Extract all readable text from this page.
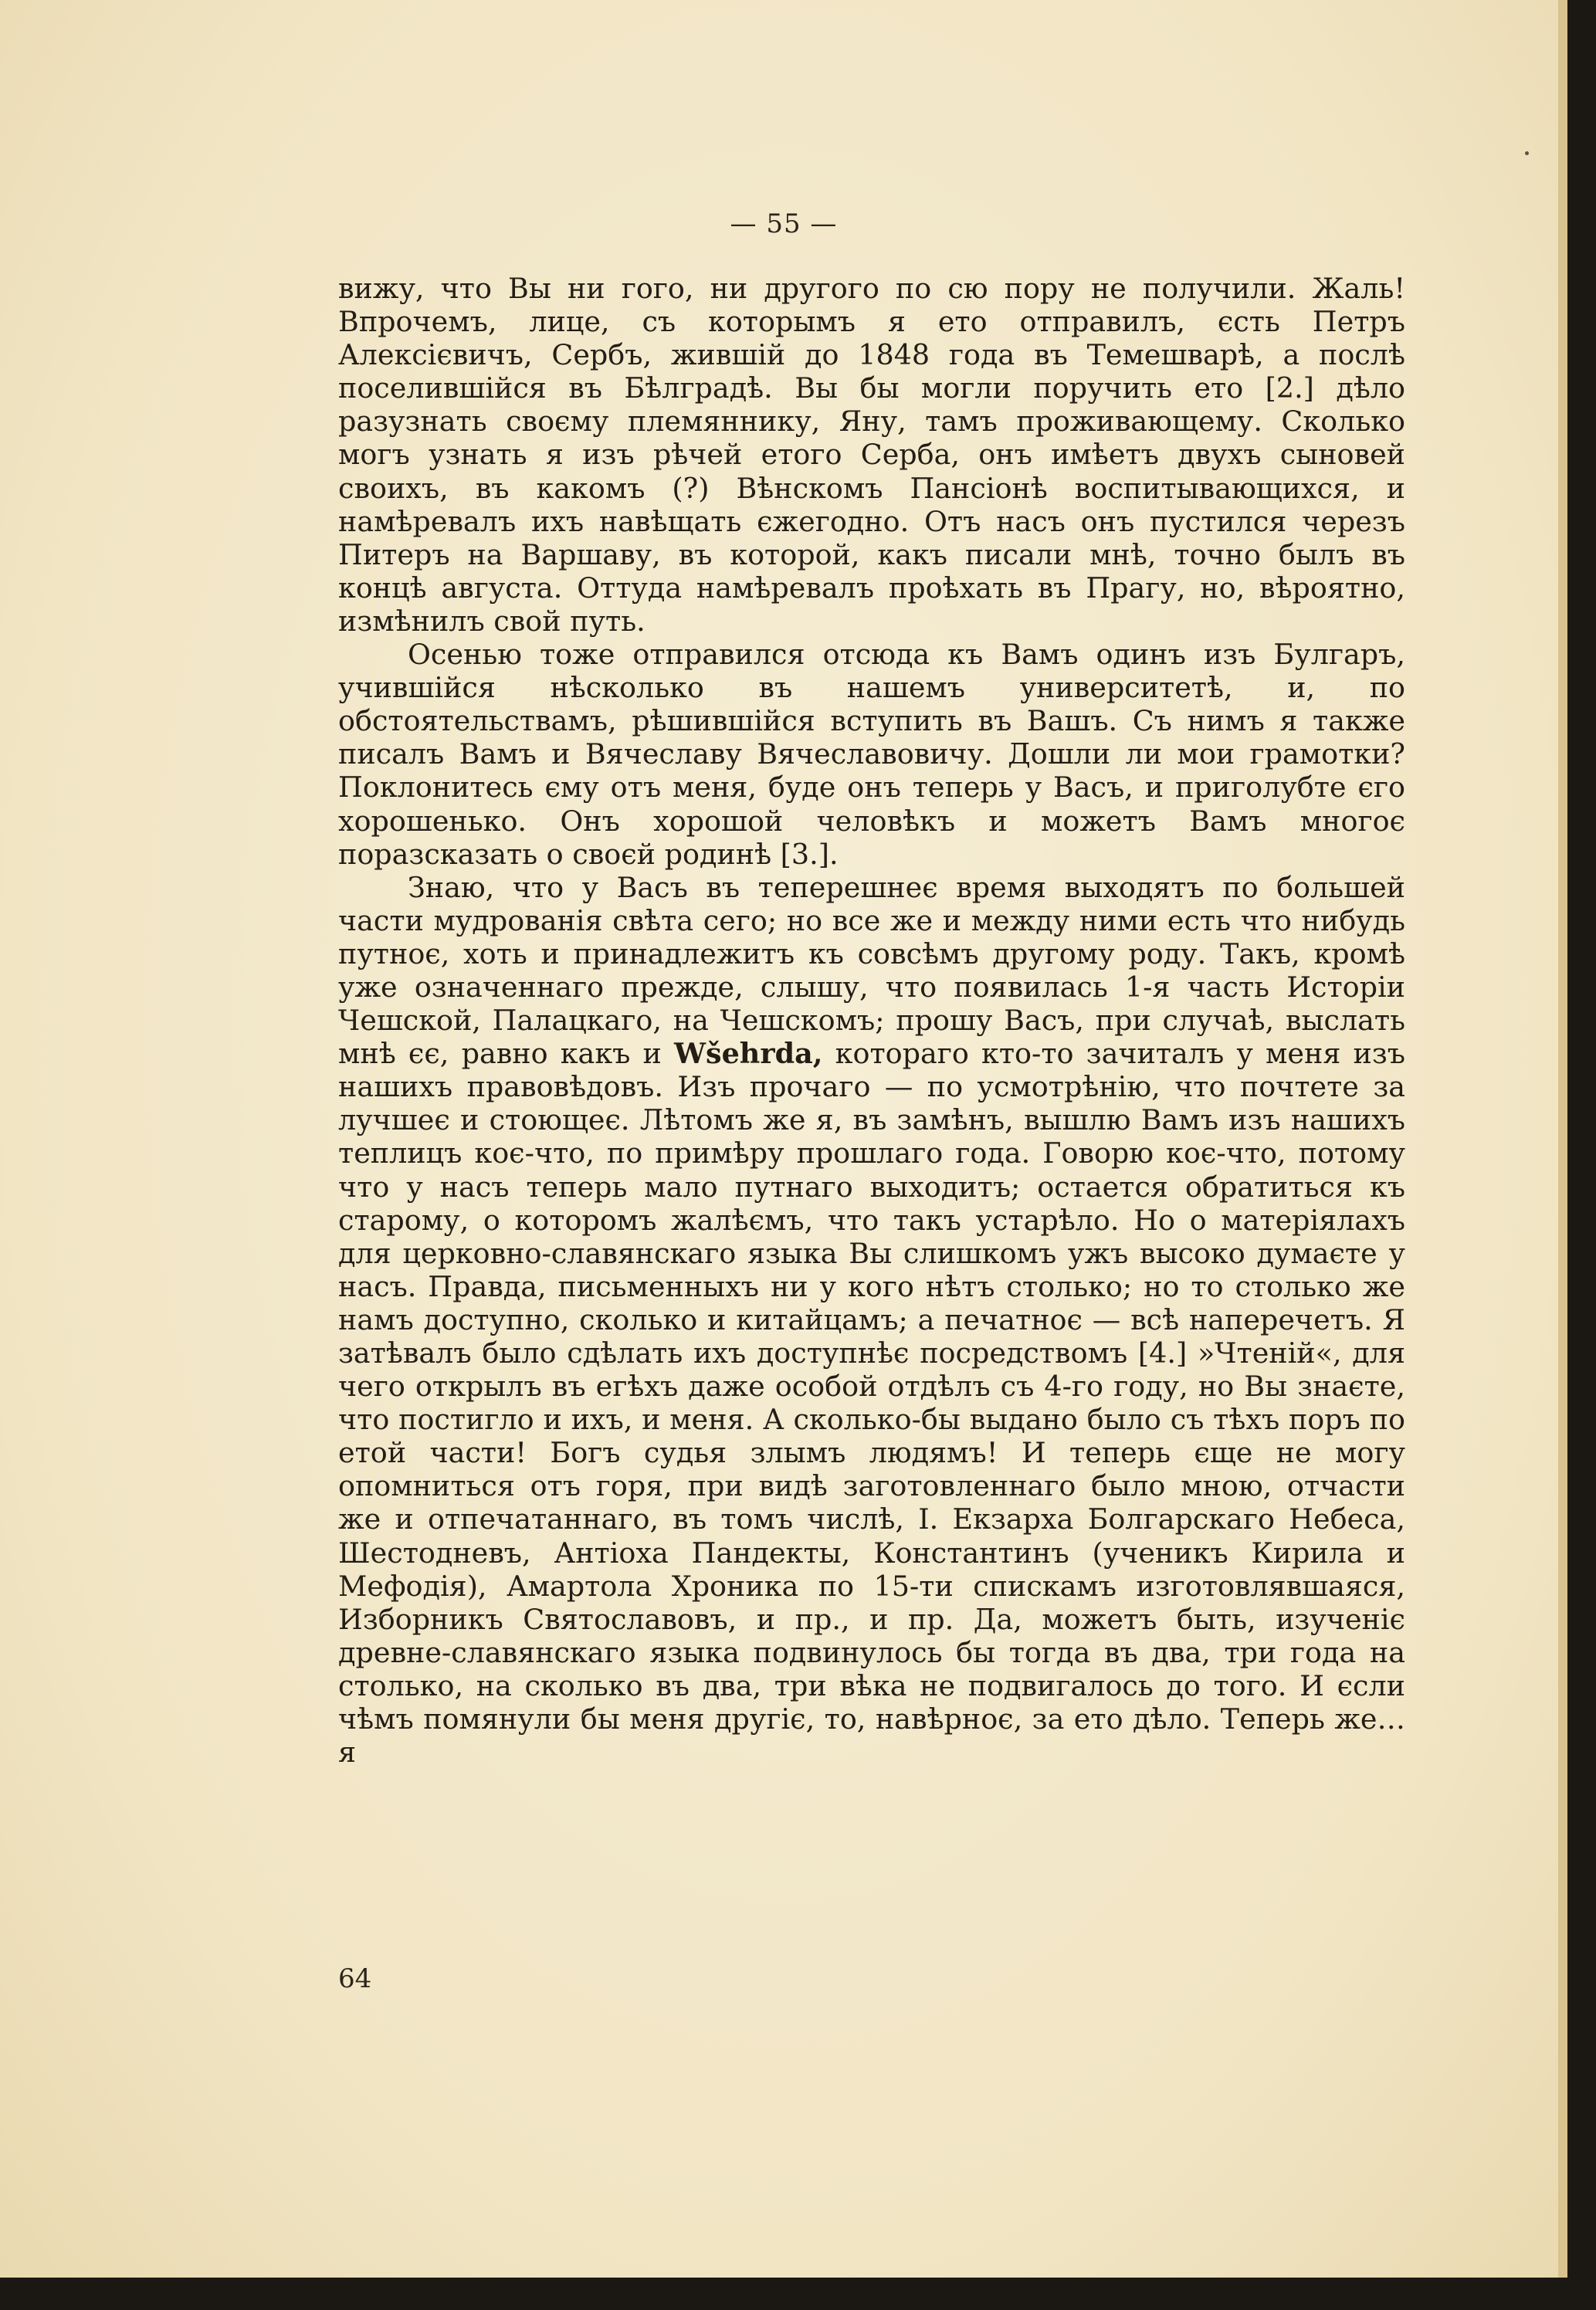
— 55 —

вижу, что Вы ни гого, ни другого по сю пору не получили. Жаль! Впрочемъ, лице, съ которымъ я ето отправилъ, єсть Петръ Алексієвичъ, Сербъ, жившій до 1848 года въ Темешварѣ, а послѣ поселившійся въ Бѣлградѣ. Вы бы могли поручить ето [2.] дѣло разузнать своєму племяннику, Яну, тамъ проживающему. Сколько могъ узнать я изъ рѣчей етого Серба, онъ имѣетъ двухъ сыновей своихъ, въ какомъ (?) Вѣнскомъ Пансіонѣ воспитывающихся, и намѣревалъ ихъ навѣщать єжегодно. Отъ насъ онъ пустился черезъ Питеръ на Варшаву, въ которой, какъ писали мнѣ, точно былъ въ концѣ августа. Оттуда намѣревалъ проѣхать въ Прагу, но, вѣроятно, измѣнилъ свой путь.

Осенью тоже отправился отсюда къ Вамъ одинъ изъ Булгаръ, учившійся нѣсколько въ нашемъ университетѣ, и, по обстоятельствамъ, рѣшившійся вступить въ Вашъ. Съ нимъ я также писалъ Вамъ и Вячеславу Вячеславовичу. Дошли ли мои грамотки? Поклонитесь єму отъ меня, буде онъ теперь у Васъ, и приголубте єго хорошенько. Онъ хорошой человѣкъ и можетъ Вамъ многоє поразсказать о своєй родинѣ [3.].

Знаю, что у Васъ въ теперешнеє время выходятъ по большей части мудрованія свѣта сего; но все же и между ними есть что нибудь путноє, хоть и принадлежитъ къ совсѣмъ другому роду. Такъ, кромѣ уже означеннаго прежде, слышу, что появилась 1-я часть Исторіи Чешской, Палацкаго, на Чешскомъ; прошу Васъ, при случаѣ, выслать мнѣ єє, равно какъ и Wšehrda, котораго кто-то зачиталъ у меня изъ нашихъ правовѣдовъ. Изъ прочаго — по усмотрѣнію, что почтете за лучшеє и стоющеє. Лѣтомъ же я, въ замѣнъ, вышлю Вамъ изъ нашихъ теплицъ коє-что, по примѣру прошлаго года. Говорю коє-что, потому что у насъ теперь мало путнаго выходитъ; остается обратиться къ старому, о которомъ жалѣємъ, что такъ устарѣло. Но о матеріялахъ для церковно-славянскаго языка Вы слишкомъ ужъ высоко думаєте у насъ. Правда, письменныхъ ни у кого нѣтъ столько; но то столько же намъ доступно, сколько и китайцамъ; а печатноє — всѣ наперечетъ. Я затѣвалъ было сдѣлать ихъ доступнѣє посредствомъ [4.] »Чтеній«, для чего открылъ въ егѣхъ даже особой отдѣлъ съ 4-го году, но Вы знаєте, что постигло и ихъ, и меня. А сколько-бы выдано было съ тѣхъ поръ по етой части! Богъ судья злымъ людямъ! И теперь єще не могу опомниться отъ горя, при видѣ заготовленнаго было мною, отчасти же и отпечатаннаго, въ томъ числѣ, І. Екзарха Болгарскаго Небеса, Шестодневъ, Антіоха Пандекты, Константинъ (ученикъ Кирила и Мефодія), Амартола Хроника по 15-ти спискамъ изготовлявшаяся, Изборникъ Святославовъ, и пр., и пр. Да, можетъ быть, изученіє древне-славянскаго языка подвинулось бы тогда въ два, три года на столько, на сколько въ два, три вѣка не подвигалось до того. И єсли чѣмъ помянули бы меня другіє, то, навѣрноє, за ето дѣло. Теперь же… я

64
